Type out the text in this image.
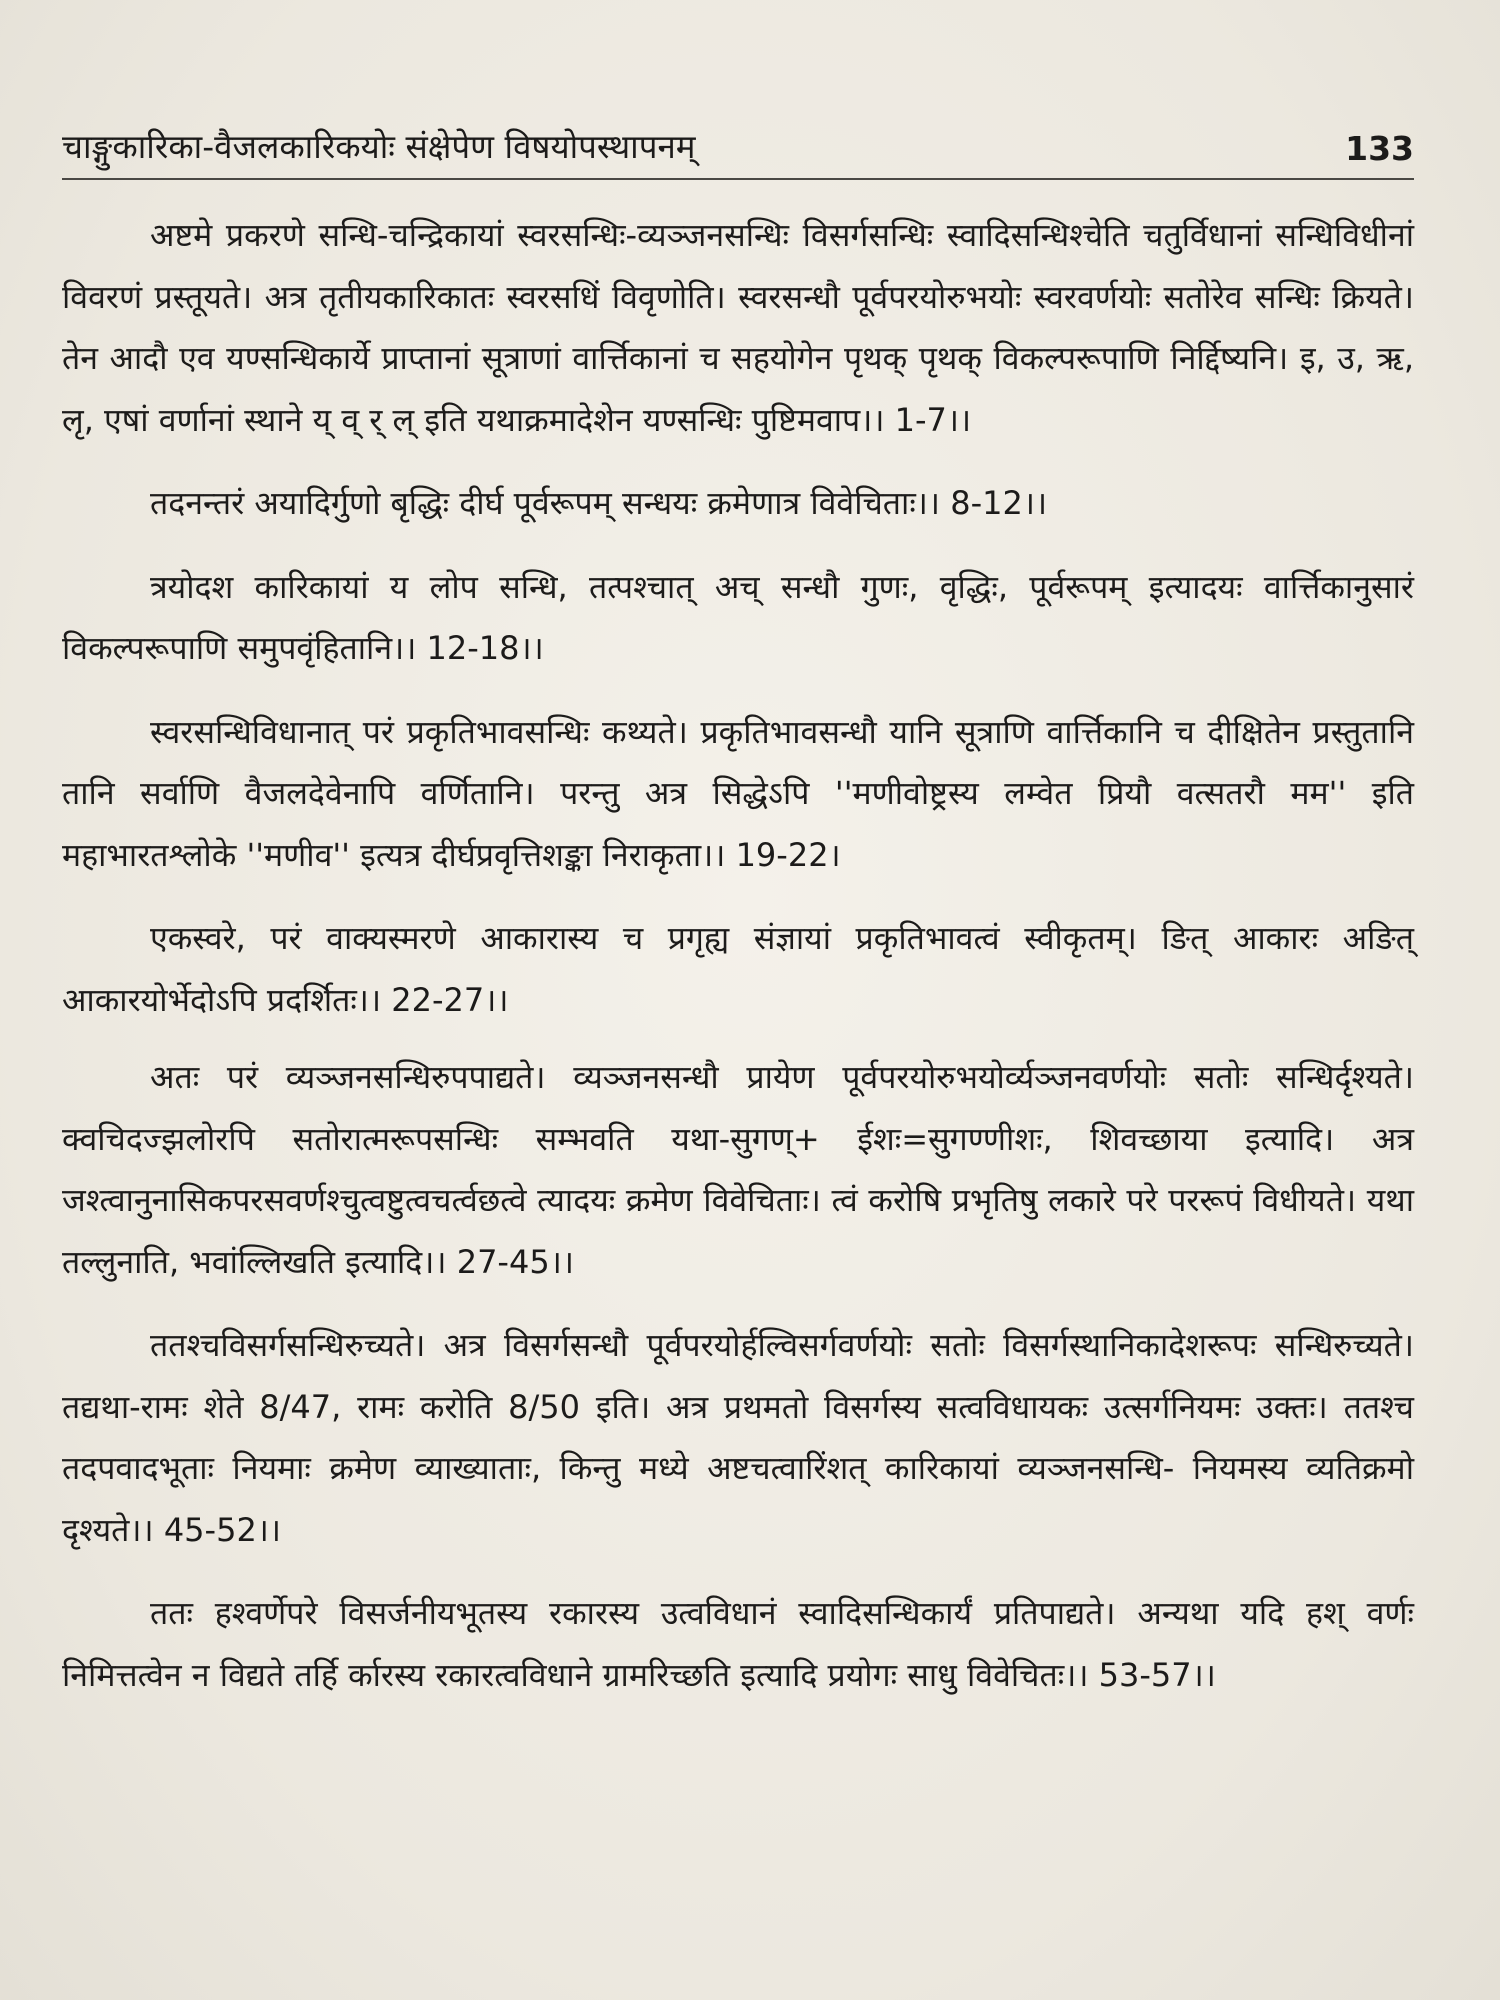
चाङ्गुकारिका-वैजलकारिकयोः संक्षेपेण विषयोपस्थापनम्	133

अष्टमे प्रकरणे सन्धि-चन्द्रिकायां स्वरसन्धिः-व्यञ्जनसन्धिः विसर्गसन्धिः स्वादिसन्धिश्चेति चतुर्विधानां सन्धिविधीनां विवरणं प्रस्तूयते। अत्र तृतीयकारिकातः स्वरसधिं विवृणोति। स्वरसन्धौ पूर्वपरयोरुभयोः स्वरवर्णयोः सतोरेव सन्धिः क्रियते। तेन आदौ एव यण्सन्धिकार्ये प्राप्तानां सूत्राणां वार्त्तिकानां च सहयोगेन पृथक् पृथक् विकल्परूपाणि निर्द्दिष्यनि। इ, उ, ऋ, लृ, एषां वर्णानां स्थाने य् व् र् ल् इति यथाक्रमादेशेन यण्सन्धिः पुष्टिमवाप।। 1-7।।

तदनन्तरं अयादिर्गुणो बृद्धिः दीर्घ पूर्वरूपम् सन्धयः क्रमेणात्र विवेचिताः।। 8-12।।

त्रयोदश कारिकायां य लोप सन्धि, तत्पश्चात् अच् सन्धौ गुणः, वृद्धिः, पूर्वरूपम् इत्यादयः वार्त्तिकानुसारं विकल्परूपाणि समुपवृंहितानि।। 12-18।।

स्वरसन्धिविधानात् परं प्रकृतिभावसन्धिः कथ्यते। प्रकृतिभावसन्धौ यानि सूत्राणि वार्त्तिकानि च दीक्षितेन प्रस्तुतानि तानि सर्वाणि वैजलदेवेनापि वर्णितानि। परन्तु अत्र सिद्धेऽपि ''मणीवोष्ट्रस्य लम्वेत प्रियौ वत्सतरौ मम'' इति महाभारतश्लोके ''मणीव'' इत्यत्र दीर्घप्रवृत्तिशङ्का निराकृता।। 19-22।

एकस्वरे, परं वाक्यस्मरणे आकारास्य च प्रगृह्य संज्ञायां प्रकृतिभावत्वं स्वीकृतम्। ङित् आकारः अङित् आकारयोर्भेदोऽपि प्रदर्शितः।। 22-27।।

अतः परं व्यञ्जनसन्धिरुपपाद्यते। व्यञ्जनसन्धौ प्रायेण पूर्वपरयोरुभयोर्व्यञ्जनवर्णयोः सतोः सन्धिर्दृश्यते। क्वचिदज्झलोरपि सतोरात्मरूपसन्धिः सम्भवति यथा-सुगण्+ ईशः=सुगण्णीशः, शिवच्छाया इत्यादि। अत्र जश्त्वानुनासिकपरसवर्णश्चुत्वष्टुत्वचर्त्वछत्वे त्यादयः क्रमेण विवेचिताः। त्वं करोषि प्रभृतिषु लकारे परे पररूपं विधीयते। यथा तल्लुनाति, भवांल्लिखति इत्यादि।। 27-45।।

ततश्चविसर्गसन्धिरुच्यते। अत्र विसर्गसन्धौ पूर्वपरयोर्हल्विसर्गवर्णयोः सतोः विसर्गस्थानिकादेशरूपः सन्धिरुच्यते। तद्यथा-रामः शेते 8/47, रामः करोति 8/50 इति। अत्र प्रथमतो विसर्गस्य सत्वविधायकः उत्सर्गनियमः उक्तः। ततश्च तदपवादभूताः नियमाः क्रमेण व्याख्याताः, किन्तु मध्ये अष्टचत्वारिंशत् कारिकायां व्यञ्जनसन्धि- नियमस्य व्यतिक्रमो दृश्यते।। 45-52।।

ततः हश्वर्णेपरे विसर्जनीयभूतस्य रकारस्य उत्वविधानं स्वादिसन्धिकार्यं प्रतिपाद्यते। अन्यथा यदि हश् वर्णः निमित्तत्वेन न विद्यते तर्हि र्कारस्य रकारत्वविधाने ग्रामरिच्छति इत्यादि प्रयोगः साधु विवेचितः।। 53-57।।
